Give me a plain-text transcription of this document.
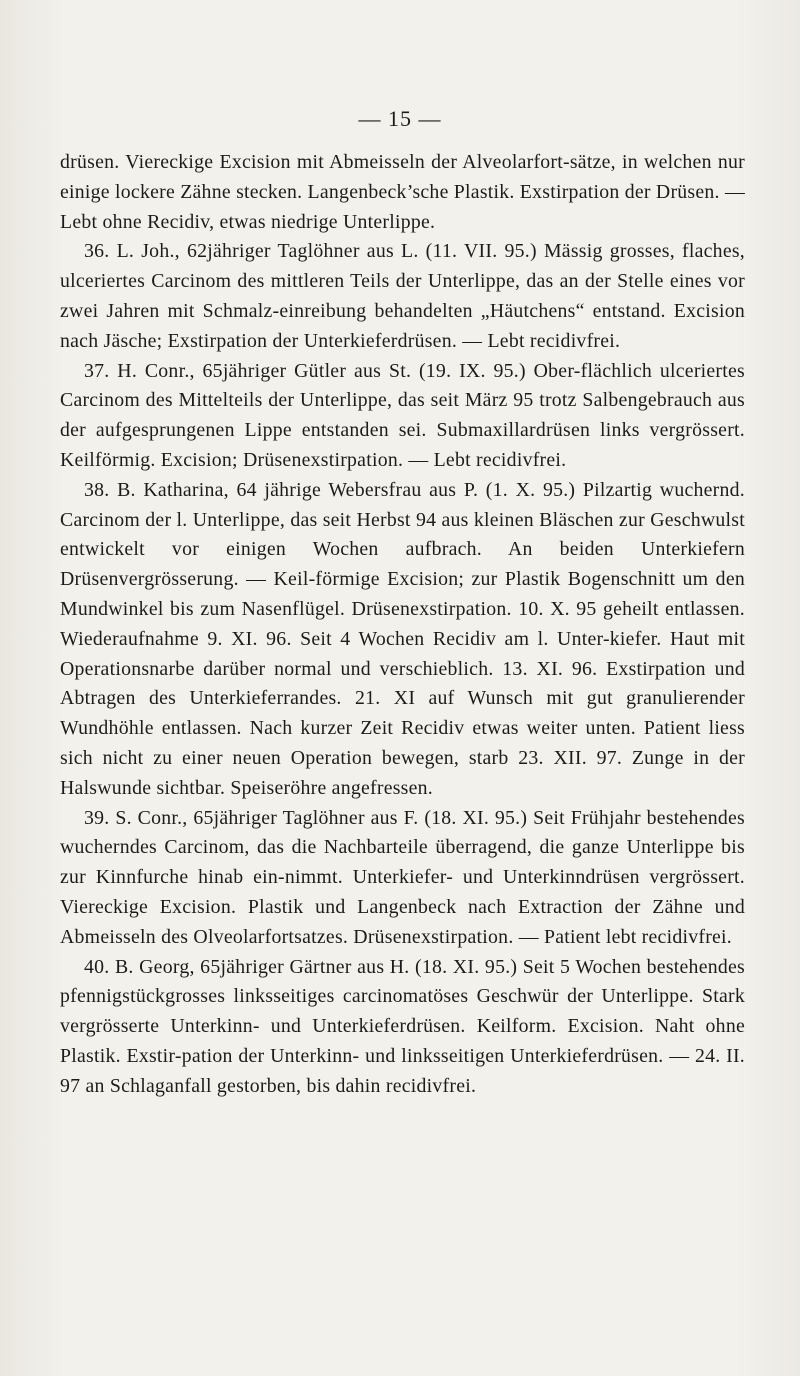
— 15 —

drüsen. Viereckige Excision mit Abmeisseln der Alveolarfort-sätze, in welchen nur einige lockere Zähne stecken. Langenbeck’sche Plastik. Exstirpation der Drüsen. — Lebt ohne Recidiv, etwas niedrige Unterlippe.

36. L. Joh., 62jähriger Taglöhner aus L. (11. VII. 95.) Mässig grosses, flaches, ulceriertes Carcinom des mittleren Teils der Unterlippe, das an der Stelle eines vor zwei Jahren mit Schmalz-einreibung behandelten „Häutchens“ entstand. Excision nach Jäsche; Exstirpation der Unterkieferdrüsen. — Lebt recidivfrei.

37. H. Conr., 65jähriger Gütler aus St. (19. IX. 95.) Ober-flächlich ulceriertes Carcinom des Mittelteils der Unterlippe, das seit März 95 trotz Salbengebrauch aus der aufgesprungenen Lippe entstanden sei. Submaxillardrüsen links vergrössert. Keilförmig. Excision; Drüsenexstirpation. — Lebt recidivfrei.

38. B. Katharina, 64 jährige Webersfrau aus P. (1. X. 95.) Pilzartig wuchernd. Carcinom der l. Unterlippe, das seit Herbst 94 aus kleinen Bläschen zur Geschwulst entwickelt vor einigen Wochen aufbrach. An beiden Unterkiefern Drüsenvergrösserung. — Keil-förmige Excision; zur Plastik Bogenschnitt um den Mundwinkel bis zum Nasenflügel. Drüsenexstirpation. 10. X. 95 geheilt entlassen. Wiederaufnahme 9. XI. 96. Seit 4 Wochen Recidiv am l. Unter-kiefer. Haut mit Operationsnarbe darüber normal und verschieblich. 13. XI. 96. Exstirpation und Abtragen des Unterkieferrandes. 21. XI auf Wunsch mit gut granulierender Wundhöhle entlassen. Nach kurzer Zeit Recidiv etwas weiter unten. Patient liess sich nicht zu einer neuen Operation bewegen, starb 23. XII. 97. Zunge in der Halswunde sichtbar. Speiseröhre angefressen.

39. S. Conr., 65jähriger Taglöhner aus F. (18. XI. 95.) Seit Frühjahr bestehendes wucherndes Carcinom, das die Nachbarteile überragend, die ganze Unterlippe bis zur Kinnfurche hinab ein-nimmt. Unterkiefer- und Unterkinndrüsen vergrössert. Viereckige Excision. Plastik und Langenbeck nach Extraction der Zähne und Abmeisseln des Olveolarfortsatzes. Drüsenexstirpation. — Patient lebt recidivfrei.

40. B. Georg, 65jähriger Gärtner aus H. (18. XI. 95.) Seit 5 Wochen bestehendes pfennigstückgrosses linksseitiges carcinomatöses Geschwür der Unterlippe. Stark vergrösserte Unterkinn- und Unterkieferdrüsen. Keilform. Excision. Naht ohne Plastik. Exstir-pation der Unterkinn- und linksseitigen Unterkieferdrüsen. — 24. II. 97 an Schlaganfall gestorben, bis dahin recidivfrei.
